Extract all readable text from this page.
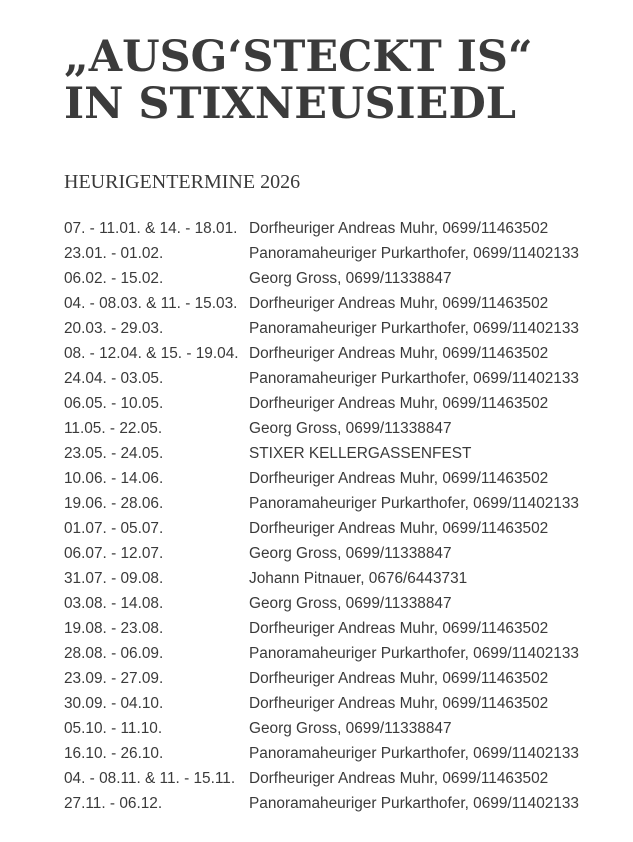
„AUSG‘STECKT IS“
IN STIXNEUSIEDL
HEURIGENTERMINE 2026
07. - 11.01. & 14. - 18.01. Dorfheuriger Andreas Muhr, 0699/11463502
23.01. - 01.02.	Panoramaheuriger Purkarthofer, 0699/11402133
06.02. - 15.02.	Georg Gross, 0699/11338847
04. - 08.03. & 11. - 15.03. Dorfheuriger Andreas Muhr, 0699/11463502
20.03. - 29.03.	Panoramaheuriger Purkarthofer, 0699/11402133
08. - 12.04. & 15. - 19.04. Dorfheuriger Andreas Muhr, 0699/11463502
24.04. - 03.05.	Panoramaheuriger Purkarthofer, 0699/11402133
06.05. - 10.05.	Dorfheuriger Andreas Muhr, 0699/11463502
11.05. - 22.05.	Georg Gross, 0699/11338847
23.05. - 24.05.	STIXER KELLERGASSENFEST
10.06. - 14.06.	Dorfheuriger Andreas Muhr, 0699/11463502
19.06. - 28.06.	Panoramaheuriger Purkarthofer, 0699/11402133
01.07. - 05.07.	Dorfheuriger Andreas Muhr, 0699/11463502
06.07. - 12.07.	Georg Gross, 0699/11338847
31.07. - 09.08.	Johann Pitnauer, 0676/6443731
03.08. - 14.08.	Georg Gross, 0699/11338847
19.08. - 23.08.	Dorfheuriger Andreas Muhr, 0699/11463502
28.08. - 06.09.	Panoramaheuriger Purkarthofer, 0699/11402133
23.09. - 27.09.	Dorfheuriger Andreas Muhr, 0699/11463502
30.09. - 04.10.	Dorfheuriger Andreas Muhr, 0699/11463502
05.10. - 11.10.	Georg Gross, 0699/11338847
16.10. - 26.10.	Panoramaheuriger Purkarthofer, 0699/11402133
04. - 08.11. & 11. - 15.11. Dorfheuriger Andreas Muhr, 0699/11463502
27.11. - 06.12.	Panoramaheuriger Purkarthofer, 0699/11402133
